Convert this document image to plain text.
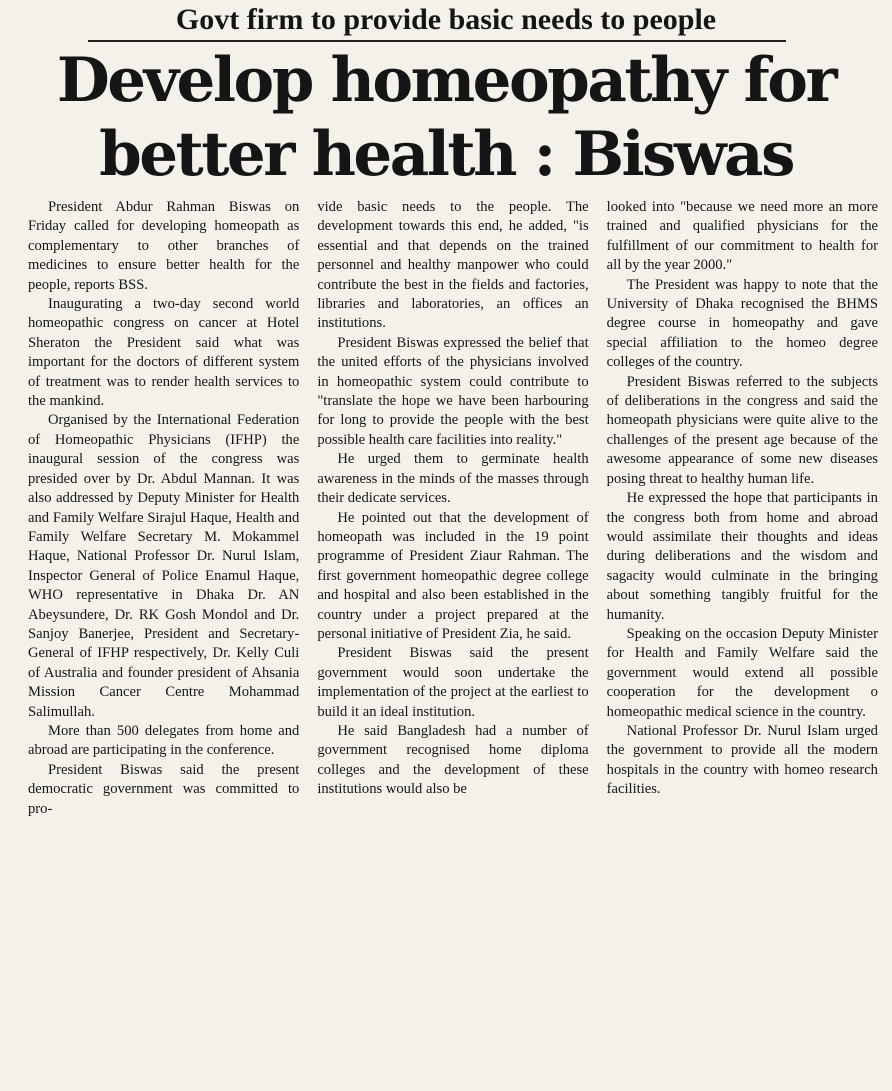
Govt firm to provide basic needs to people
Develop homeopathy for
better health : Biswas

President Abdur Rahman Biswas on Friday called for developing homeopath as complementary to other branches of medicines to ensure better health for the people, reports BSS.

Inaugurating a two-day second world homeopathic congress on cancer at Hotel Sheraton the President said what was important for the doctors of different system of treatment was to render health services to the mankind.

Organised by the International Federation of Homeopathic Physicians (IFHP) the inaugural session of the congress was presided over by Dr. Abdul Mannan. It was also addressed by Deputy Minister for Health and Family Welfare Sirajul Haque, Health and Family Welfare Secretary M. Mokammel Haque, National Professor Dr. Nurul Islam, Inspector General of Police Enamul Haque, WHO representative in Dhaka Dr. AN Abeysundere, Dr. RK Gosh Mondol and Dr. Sanjoy Banerjee, President and Secretary-General of IFHP respectively, Dr. Kelly Culi of Australia and founder president of Ahsania Mission Cancer Centre Mohammad Salimullah.

More than 500 delegates from home and abroad are participating in the conference.

President Biswas said the present democratic government was committed to pro-

vide basic needs to the people. The development towards this end, he added, "is essential and that depends on the trained personnel and healthy manpower who could contribute the best in the fields and factories, libraries and laboratories, an offices an institutions.

President Biswas expressed the belief that the united efforts of the physicians involved in homeopathic system could contribute to "translate the hope we have been harbouring for long to provide the people with the best possible health care facilities into reality."

He urged them to germinate health awareness in the minds of the masses through their dedicate services.

He pointed out that the development of homeopath was included in the 19 point programme of President Ziaur Rahman. The first government homeopathic degree college and hospital and also been established in the country under a project prepared at the personal initiative of President Zia, he said.

President Biswas said the present government would soon undertake the implementation of the project at the earliest to build it an ideal institution.

He said Bangladesh had a number of government recognised home diploma colleges and the development of these institutions would also be

looked into "because we need more an more trained and qualified physicians for the fulfillment of our commitment to health for all by the year 2000."

The President was happy to note that the University of Dhaka recognised the BHMS degree course in homeopathy and gave special affiliation to the homeo degree colleges of the country.

President Biswas referred to the subjects of deliberations in the congress and said the homeopath physicians were quite alive to the challenges of the present age because of the awesome appearance of some new diseases posing threat to healthy human life.

He expressed the hope that participants in the congress both from home and abroad would assimilate their thoughts and ideas during deliberations and the wisdom and sagacity would culminate in the bringing about something tangibly fruitful for the humanity.

Speaking on the occasion Deputy Minister for Health and Family Welfare said the government would extend all possible cooperation for the development o homeopathic medical science in the country.

National Professor Dr. Nurul Islam urged the government to provide all the modern hospitals in the country with homeo research facilities.
